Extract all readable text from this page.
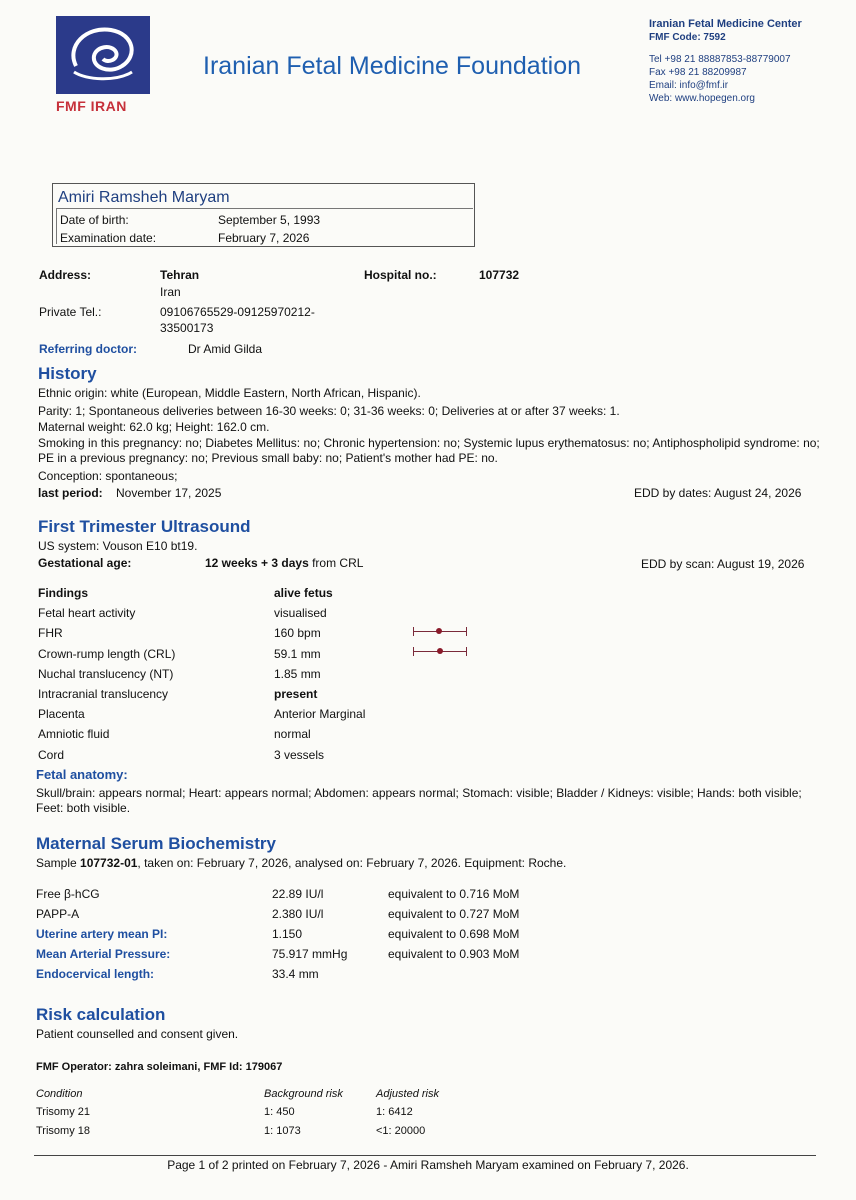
FMF IRAN
Iranian Fetal Medicine Foundation
Iranian Fetal Medicine Center
FMF Code: 7592
Tel +98 21 88887853-88779007
Fax +98 21 88209987
Email: info@fmf.ir
Web: www.hopegen.org
Amiri Ramsheh Maryam
Date of birth:	September 5, 1993
Examination date:	February 7, 2026
Address:	Tehran
Iran
Hospital no.:	107732
Private Tel.:	09106765529-09125970212-
33500173
Referring doctor:	Dr Amid Gilda
History
Ethnic origin: white (European, Middle Eastern, North African, Hispanic).
Parity: 1; Spontaneous deliveries between 16-30 weeks: 0; 31-36 weeks: 0; Deliveries at or after 37 weeks: 1.
Maternal weight: 62.0 kg; Height: 162.0 cm.
Smoking in this pregnancy: no; Diabetes Mellitus: no; Chronic hypertension: no; Systemic lupus erythematosus: no; Antiphospholipid syndrome: no; PE in a previous pregnancy: no; Previous small baby: no; Patient's mother had PE: no.
Conception: spontaneous;
last period: November 17, 2025	EDD by dates: August 24, 2026
First Trimester Ultrasound
US system: Vouson E10 bt19.
Gestational age:	12 weeks + 3 days from CRL	EDD by scan: August 19, 2026
Findings	alive fetus
Fetal heart activity	visualised
FHR	160 bpm
Crown-rump length (CRL)	59.1 mm
Nuchal translucency (NT)	1.85 mm
Intracranial translucency	present
Placenta	Anterior Marginal
Amniotic fluid	normal
Cord	3 vessels
Fetal anatomy:
Skull/brain: appears normal; Heart: appears normal; Abdomen: appears normal; Stomach: visible; Bladder / Kidneys: visible; Hands: both visible; Feet: both visible.
Maternal Serum Biochemistry
Sample 107732-01, taken on: February 7, 2026, analysed on: February 7, 2026. Equipment: Roche.
Free β-hCG	22.89 IU/l	equivalent to 0.716 MoM
PAPP-A	2.380 IU/l	equivalent to 0.727 MoM
Uterine artery mean PI:	1.150	equivalent to 0.698 MoM
Mean Arterial Pressure:	75.917 mmHg	equivalent to 0.903 MoM
Endocervical length:	33.4 mm
Risk calculation
Patient counselled and consent given.
FMF Operator: zahra soleimani, FMF Id: 179067
Condition	Background risk	Adjusted risk
Trisomy 21	1: 450	1: 6412
Trisomy 18	1: 1073	<1: 20000
Page 1 of 2 printed on February 7, 2026 - Amiri Ramsheh Maryam examined on February 7, 2026.
